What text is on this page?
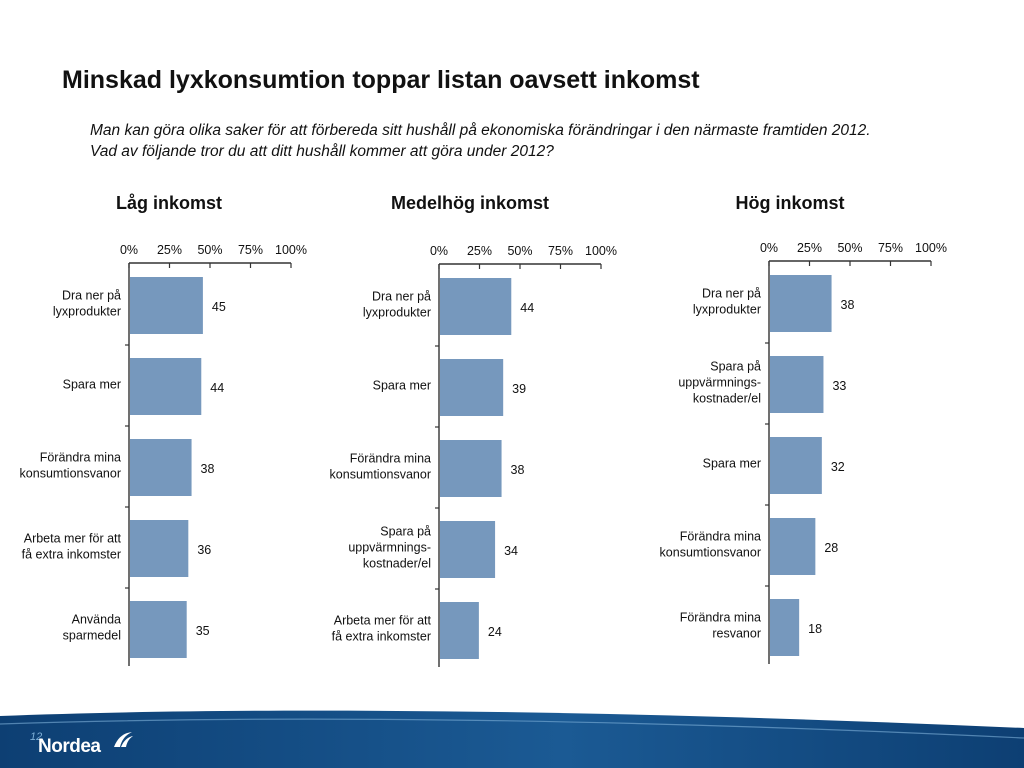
Minskad lyxkonsumtion toppar listan oavsett inkomst

Man kan göra olika saker för att förbereda sitt hushåll på ekonomiska förändringar i den närmaste framtiden 2012.

Vad av följande tror du att ditt hushåll kommer att göra under 2012?

Låg inkomst	Medelhög inkomst	Hög inkomst
0% 25% 50% 75% 100%
45
Dra ner på lyxprodukter
44
Spara mer
38
Förändra mina konsumtionsvanor
36
Arbeta mer för att få extra inkomster
35
Använda sparmedel
0% 25% 50% 75% 100%
44
Dra ner på lyxprodukter
39
Spara mer
38
Förändra mina konsumtionsvanor
34
Spara på uppvärmnings-kostnader/el
24
Arbeta mer för att få extra inkomster
0% 25% 50% 75% 100%
38
Dra ner på lyxprodukter
33
Spara på uppvärmnings-kostnader/el
32
Spara mer
28
Förändra mina konsumtionsvanor
18
Förändra mina resvanor
12
Nordea
